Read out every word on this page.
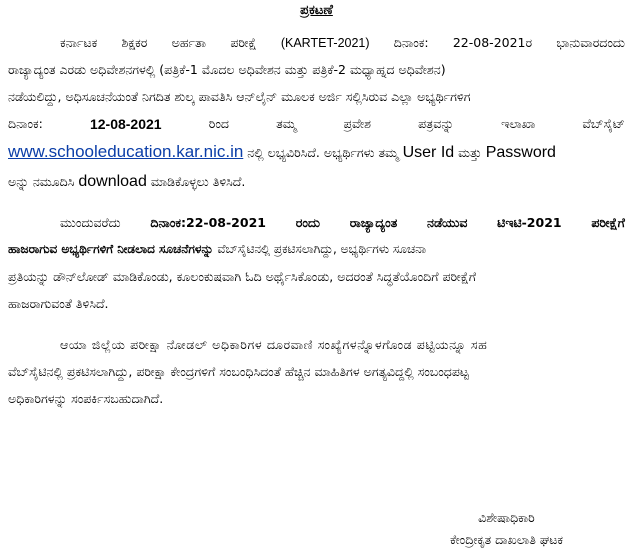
ಪ್ರಕಟಣೆ
ಕರ್ನಾಟಕ ಶಿಕ್ಷಕರ ಅರ್ಹತಾ ಪರೀಕ್ಷೆ (KARTET-2021) ದಿನಾಂಕ: 22-08-2021ರ ಭಾನುವಾರದಂದು
ರಾಜ್ಯಾದ್ಯಂತ ಎರಡು ಅಧಿವೇಶನಗಳಲ್ಲಿ (ಪತ್ರಿಕೆ-1 ಮೊದಲ ಅಧಿವೇಶನ ಮತ್ತು ಪತ್ರಿಕೆ-2 ಮಧ್ಯಾಹ್ನದ ಅಧಿವೇಶನ)
ನಡೆಯಲಿದ್ದು, ಅಧಿಸೂಚನೆಯಂತೆ ನಿಗದಿತ ಶುಲ್ಕ ಪಾವತಿಸಿ ಆನ್‌ಲೈನ್ ಮೂಲಕ ಅರ್ಜಿ ಸಲ್ಲಿಸಿರುವ ಎಲ್ಲಾ ಅಭ್ಯರ್ಥಿಗಳಿಗ
ದಿನಾಂಕ:	12-08-2021	ರಿಂದ	ತಮ್ಮ	ಪ್ರವೇಶ	ಪತ್ರವನ್ನು	ಇಲಾಖಾ	ವೆಬ್‌ಸೈಟ್
www.schooleducation.kar.nic.in ನಲ್ಲಿ ಲಭ್ಯವಿರಿಸಿದೆ. ಅಭ್ಯರ್ಥಿಗಳು ತಮ್ಮ User Id ಮತ್ತು Password
ಅನ್ನು ನಮೂದಿಸಿ download ಮಾಡಿಕೊಳ್ಳಲು ತಿಳಿಸಿದೆ.
ಮುಂದುವರೆದು ದಿನಾಂಕ:22-08-2021 ರಂದು ರಾಜ್ಯಾದ್ಯಂತ ನಡೆಯುವ ಟಿಇಟಿ-2021 ಪರೀಕ್ಷೆಗೆ
ಹಾಜರಾಗುವ ಅಭ್ಯರ್ಥಿಗಳಿಗೆ ನೀಡಲಾದ ಸೂಚನೆಗಳನ್ನು ವೆಬ್‌ಸೈಟಿನಲ್ಲಿ ಪ್ರಕಟಿಸಲಾಗಿದ್ದು, ಅಭ್ಯರ್ಥಿಗಳು ಸೂಚನಾ
ಪ್ರತಿಯನ್ನು ಡೌನ್‌ಲೋಡ್ ಮಾಡಿಕೊಂಡು, ಕೂಲಂಕುಷವಾಗಿ ಓದಿ ಅರ್ಥೈಸಿಕೊಂಡು, ಅದರಂತೆ ಸಿದ್ಧತೆಯೊಂದಿಗೆ ಪರೀಕ್ಷೆಗೆ
ಹಾಜರಾಗುವಂತೆ ತಿಳಿಸಿದೆ.
ಆಯಾ ಜಿಲ್ಲೆಯ ಪರೀಕ್ಷಾ ನೋಡಲ್ ಅಧಿಕಾರಿಗಳ ದೂರವಾಣಿ ಸಂಖ್ಯೆಗಳನ್ನೊಳಗೊಂಡ ಪಟ್ಟಿಯನ್ನೂ ಸಹ
ವೆಬ್‌ಸೈಟಿನಲ್ಲಿ ಪ್ರಕಟಿಸಲಾಗಿದ್ದು, ಪರೀಕ್ಷಾ ಕೇಂದ್ರಗಳಿಗೆ ಸಂಬಂಧಿಸಿದಂತೆ ಹೆಚ್ಚಿನ ಮಾಹಿತಿಗಳ ಅಗತ್ಯವಿದ್ದಲ್ಲಿ ಸಂಬಂಧಪಟ್ಟ
ಅಧಿಕಾರಿಗಳನ್ನು ಸಂಪರ್ಕಿಸಬಹುದಾಗಿದೆ.
ವಿಶೇಷಾಧಿಕಾರಿ
ಕೇಂದ್ರೀಕೃತ ದಾಖಲಾತಿ ಘಟಕ
